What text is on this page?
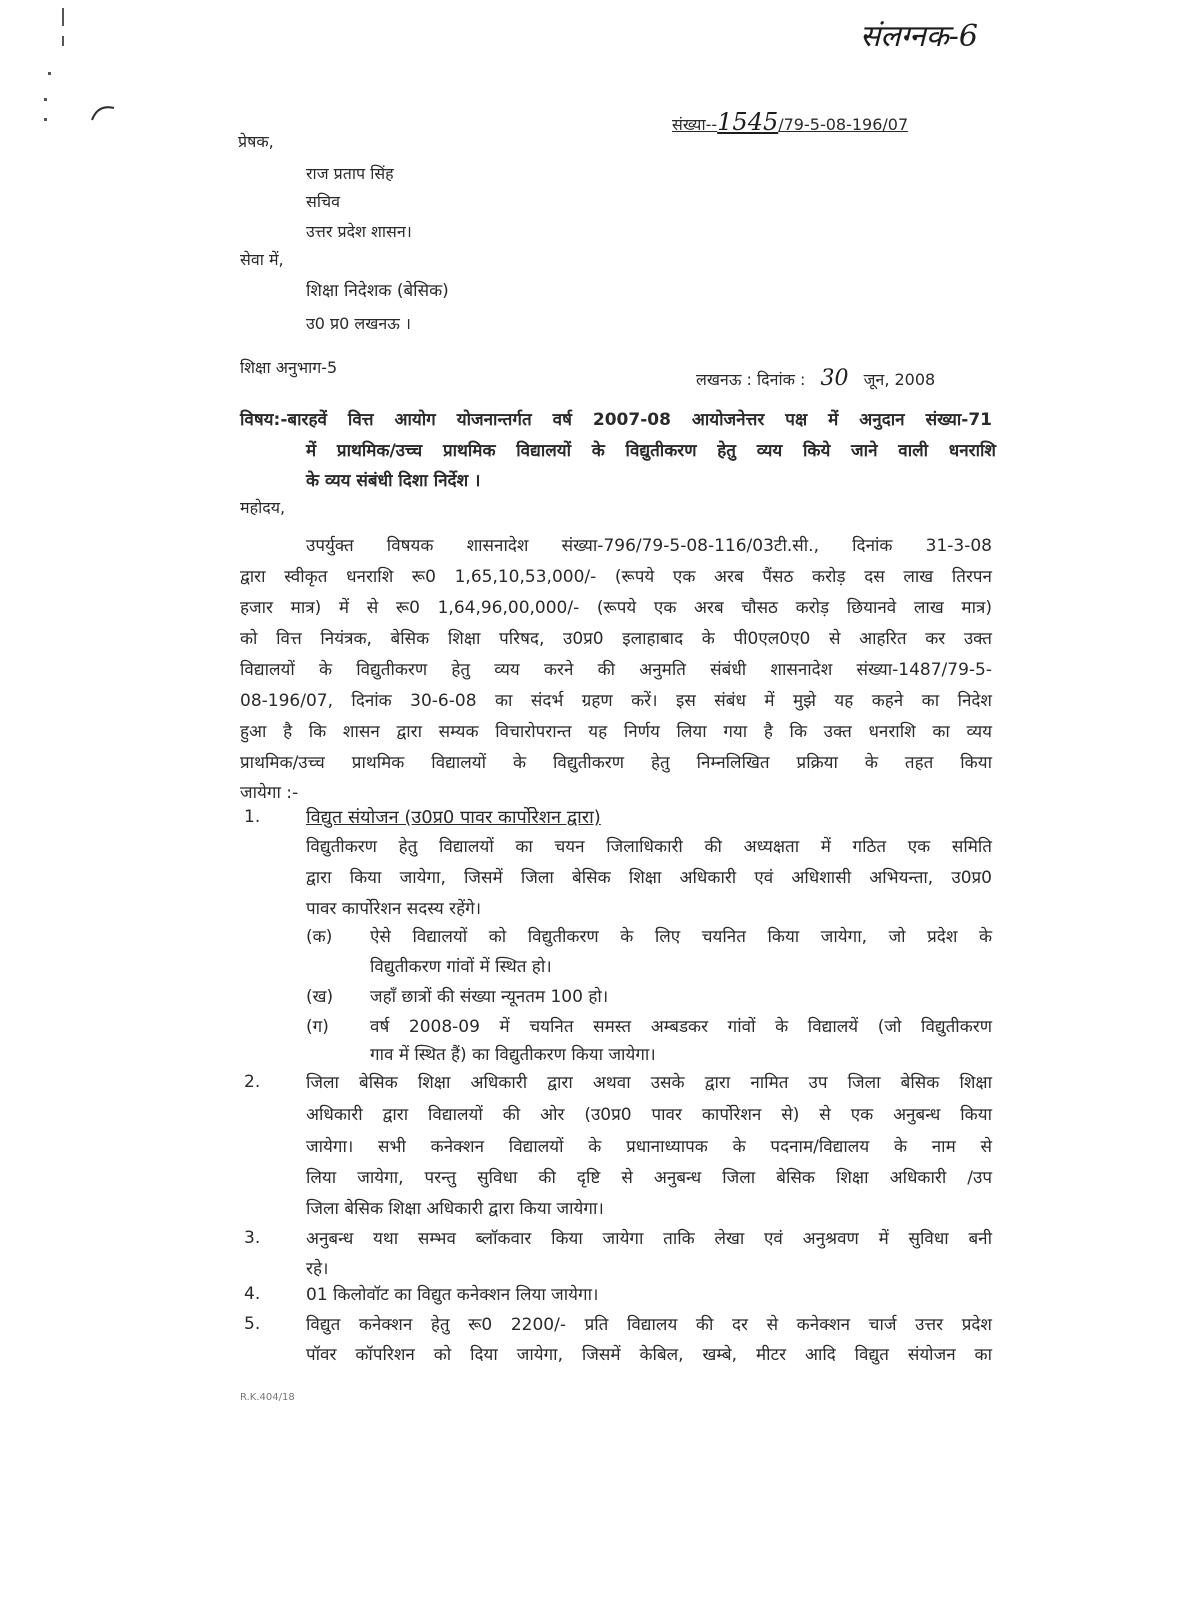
संलग्नक-6
संख्या--1545/79-5-08-196/07
प्रेषक,
राज प्रताप सिंह
सचिव
उत्तर प्रदेश शासन।
सेवा में,
शिक्षा निदेशक (बेसिक)
उ0 प्र0 लखनऊ ।
शिक्षा अनुभाग-5
लखनऊ : दिनांक : 30 जून, 2008
विषय:-बारहवें वित्त आयोग योजनान्तर्गत वर्ष 2007-08 आयोजनेत्तर पक्ष में अनुदान संख्या-71
में प्राथमिक/उच्च प्राथमिक विद्यालयों के विद्युतीकरण हेतु व्यय किये जाने वाली धनराशि
के व्यय संबंधी दिशा निर्देश ।
महोदय,
उपर्युक्त विषयक शासनादेश संख्या-796/79-5-08-116/03टी.सी., दिनांक 31-3-08
द्वारा स्वीकृत धनराशि रू0 1,65,10,53,000/- (रूपये एक अरब पैंसठ करोड़ दस लाख तिरपन
हजार मात्र) में से रू0 1,64,96,00,000/- (रूपये एक अरब चौसठ करोड़ छियानवे लाख मात्र)
को वित्त नियंत्रक, बेसिक शिक्षा परिषद, उ0प्र0 इलाहाबाद के पी0एल0ए0 से आहरित कर उक्त
विद्यालयों के विद्युतीकरण हेतु व्यय करने की अनुमति संबंधी शासनादेश संख्या-1487/79-5-
08-196/07, दिनांक 30-6-08 का संदर्भ ग्रहण करें। इस संबंध में मुझे यह कहने का निदेश
हुआ है कि शासन द्वारा सम्यक विचारोपरान्त यह निर्णय लिया गया है कि उक्त धनराशि का व्यय
प्राथमिक/उच्च प्राथमिक विद्यालयों के विद्युतीकरण हेतु निम्नलिखित प्रक्रिया के तहत किया
जायेगा :-
1.	विद्युत संयोजन (उ0प्र0 पावर कार्पोरेशन द्वारा)
विद्युतीकरण हेतु विद्यालयों का चयन जिलाधिकारी की अध्यक्षता में गठित एक समिति
द्वारा किया जायेगा, जिसमें जिला बेसिक शिक्षा अधिकारी एवं अधिशासी अभियन्ता, उ0प्र0
पावर कार्पोरेशन सदस्य रहेंगे।
(क) ऐसे विद्यालयों को विद्युतीकरण के लिए चयनित किया जायेगा, जो प्रदेश के
विद्युतीकरण गांवों में स्थित हो।
(ख) जहाँ छात्रों की संख्या न्यूनतम 100 हो।
(ग) वर्ष 2008-09 में चयनित समस्त अम्बडकर गांवों के विद्यालयें (जो विद्युतीकरण
गाव में स्थित हैं) का विद्युतीकरण किया जायेगा।
2.	जिला बेसिक शिक्षा अधिकारी द्वारा अथवा उसके द्वारा नामित उप जिला बेसिक शिक्षा
अधिकारी द्वारा विद्यालयों की ओर (उ0प्र0 पावर कार्पोरेशन से) से एक अनुबन्ध किया
जायेगा। सभी कनेक्शन विद्यालयों के प्रधानाध्यापक के पदनाम/विद्यालय के नाम से
लिया जायेगा, परन्तु सुविधा की दृष्टि से अनुबन्ध जिला बेसिक शिक्षा अधिकारी /उप
जिला बेसिक शिक्षा अधिकारी द्वारा किया जायेगा।
3.	अनुबन्ध यथा सम्भव ब्लॉकवार किया जायेगा ताकि लेखा एवं अनुश्रवण में सुविधा बनी
रहे।
4.	01 किलोवॉट का विद्युत कनेक्शन लिया जायेगा।
5.	विद्युत कनेक्शन हेतु रू0 2200/- प्रति विद्यालय की दर से कनेक्शन चार्ज उत्तर प्रदेश
पॉवर कॉपरिशन को दिया जायेगा, जिसमें केबिल, खम्बे, मीटर आदि विद्युत संयोजन का
R.K.404/18
